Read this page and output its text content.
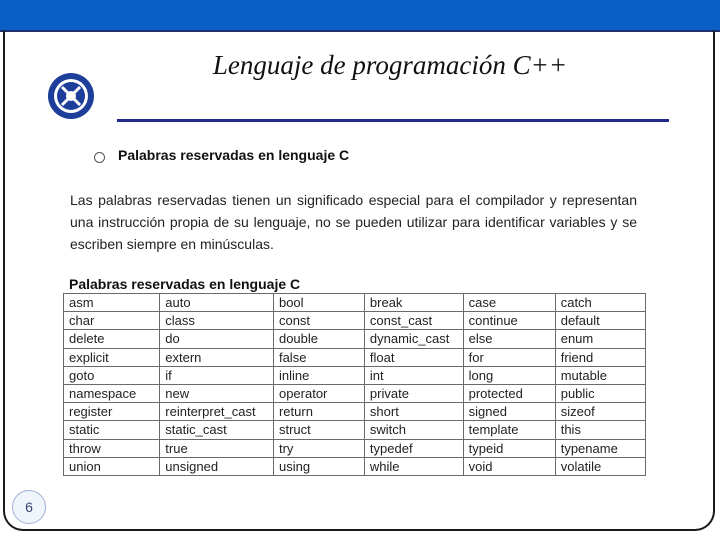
Lenguaje de programación C++
Palabras reservadas en lenguaje C
Las palabras reservadas tienen un significado especial para el compilador y representan una instrucción propia de su lenguaje, no se pueden utilizar para identificar variables y se escriben siempre en minúsculas.
Palabras reservadas en lenguaje C
asm	auto	bool	break	case	catch
char	class	const	const_cast	continue	default
delete	do	double	dynamic_cast	else	enum
explicit	extern	false	float	for	friend
goto	if	inline	int	long	mutable
namespace	new	operator	private	protected	public
register	reinterpret_cast	return	short	signed	sizeof
static	static_cast	struct	switch	template	this
throw	true	try	typedef	typeid	typename
union	unsigned	using	while	void	volatile
6
